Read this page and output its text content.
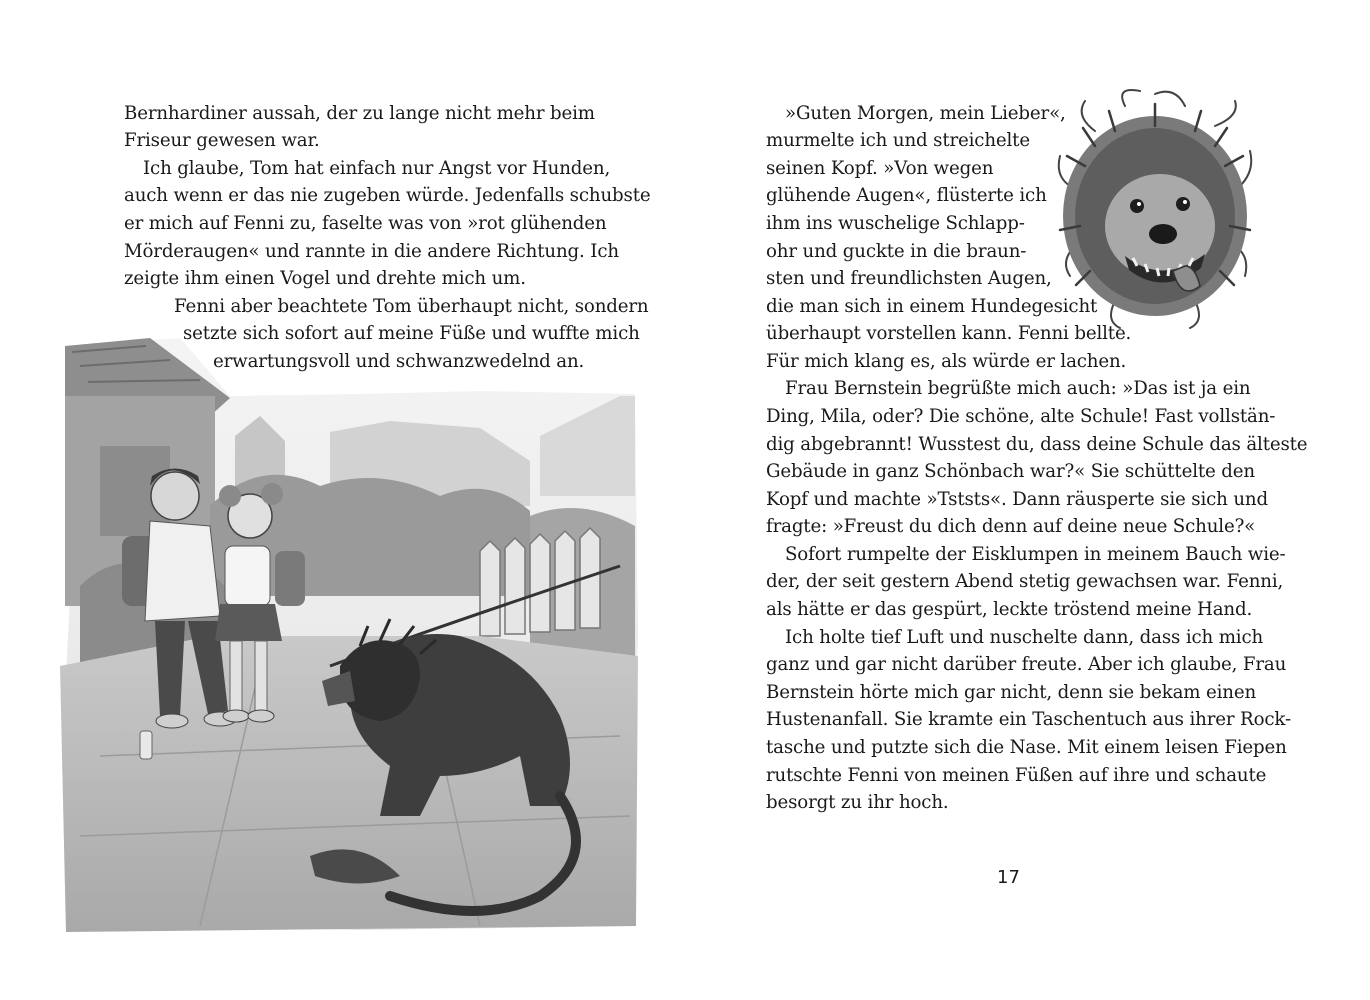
Bernhardiner aussah, der zu lange nicht mehr beim
Friseur gewesen war.
Ich glaube, Tom hat einfach nur Angst vor Hunden,
auch wenn er das nie zugeben würde. Jedenfalls schubste
er mich auf Fenni zu, faselte was von »rot glühenden
Mörderaugen« und rannte in die andere Richtung. Ich
zeigte ihm einen Vogel und drehte mich um.
Fenni aber beachtete Tom überhaupt nicht, sondern
setzte sich sofort auf meine Füße und wuffte mich
erwartungsvoll und schwanzwedelnd an.
»Guten Morgen, mein Lieber«,
murmelte ich und streichelte
seinen Kopf. »Von wegen
glühende Augen«, flüsterte ich
ihm ins wuschelige Schlapp-
ohr und guckte in die braun-
sten und freundlichsten Augen,
die man sich in einem Hundegesicht
überhaupt vorstellen kann. Fenni bellte.
Für mich klang es, als würde er lachen.
Frau Bernstein begrüßte mich auch: »Das ist ja ein
Ding, Mila, oder? Die schöne, alte Schule! Fast vollstän-
dig abgebrannt! Wusstest du, dass deine Schule das älteste
Gebäude in ganz Schönbach war?« Sie schüttelte den
Kopf und machte »Tststs«. Dann räusperte sie sich und
fragte: »Freust du dich denn auf deine neue Schule?«
Sofort rumpelte der Eisklumpen in meinem Bauch wie-
der, der seit gestern Abend stetig gewachsen war. Fenni,
als hätte er das gespürt, leckte tröstend meine Hand.
Ich holte tief Luft und nuschelte dann, dass ich mich
ganz und gar nicht darüber freute. Aber ich glaube, Frau
Bernstein hörte mich gar nicht, denn sie bekam einen
Hustenanfall. Sie kramte ein Taschentuch aus ihrer Rock-
tasche und putzte sich die Nase. Mit einem leisen Fiepen
rutschte Fenni von meinen Füßen auf ihre und schaute
besorgt zu ihr hoch.
17
